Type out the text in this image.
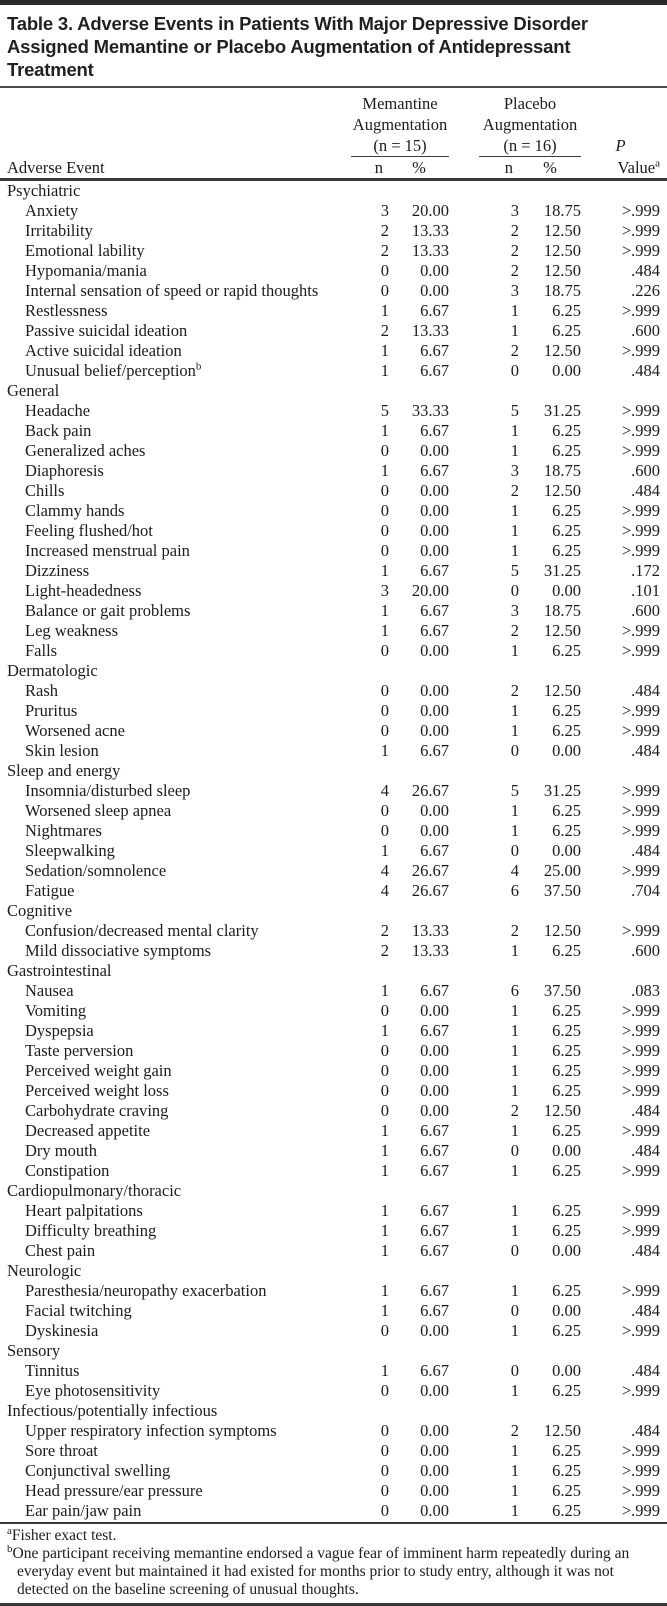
Table 3. Adverse Events in Patients With Major Depressive Disorder Assigned Memantine or Placebo Augmentation of Antidepressant Treatment
Memantine
Augmentation
(n = 15)
Placebo
Augmentation
(n = 16)	P
Adverse Event	n	%	n	%	Value$^a$
Psychiatric
Anxiety	3	20.00	3	18.75	>.999
Irritability	2	13.33	2	12.50	>.999
Emotional lability	2	13.33	2	12.50	>.999
Hypomania/mania	0	0.00	2	12.50	.484
Internal sensation of speed or rapid thoughts	0	0.00	3	18.75	.226
Restlessness	1	6.67	1	6.25	>.999
Passive suicidal ideation	2	13.33	1	6.25	.600
Active suicidal ideation	1	6.67	2	12.50	>.999
Unusual belief/perception$^b$	1	6.67	0	0.00	.484
General
Headache	5	33.33	5	31.25	>.999
Back pain	1	6.67	1	6.25	>.999
Generalized aches	0	0.00	1	6.25	>.999
Diaphoresis	1	6.67	3	18.75	.600
Chills	0	0.00	2	12.50	.484
Clammy hands	0	0.00	1	6.25	>.999
Feeling flushed/hot	0	0.00	1	6.25	>.999
Increased menstrual pain	0	0.00	1	6.25	>.999
Dizziness	1	6.67	5	31.25	.172
Light-headedness	3	20.00	0	0.00	.101
Balance or gait problems	1	6.67	3	18.75	.600
Leg weakness	1	6.67	2	12.50	>.999
Falls	0	0.00	1	6.25	>.999
Dermatologic
Rash	0	0.00	2	12.50	.484
Pruritus	0	0.00	1	6.25	>.999
Worsened acne	0	0.00	1	6.25	>.999
Skin lesion	1	6.67	0	0.00	.484
Sleep and energy
Insomnia/disturbed sleep	4	26.67	5	31.25	>.999
Worsened sleep apnea	0	0.00	1	6.25	>.999
Nightmares	0	0.00	1	6.25	>.999
Sleepwalking	1	6.67	0	0.00	.484
Sedation/somnolence	4	26.67	4	25.00	>.999
Fatigue	4	26.67	6	37.50	.704
Cognitive
Confusion/decreased mental clarity	2	13.33	2	12.50	>.999
Mild dissociative symptoms	2	13.33	1	6.25	.600
Gastrointestinal
Nausea	1	6.67	6	37.50	.083
Vomiting	0	0.00	1	6.25	>.999
Dyspepsia	1	6.67	1	6.25	>.999
Taste perversion	0	0.00	1	6.25	>.999
Perceived weight gain	0	0.00	1	6.25	>.999
Perceived weight loss	0	0.00	1	6.25	>.999
Carbohydrate craving	0	0.00	2	12.50	.484
Decreased appetite	1	6.67	1	6.25	>.999
Dry mouth	1	6.67	0	0.00	.484
Constipation	1	6.67	1	6.25	>.999
Cardiopulmonary/thoracic
Heart palpitations	1	6.67	1	6.25	>.999
Difficulty breathing	1	6.67	1	6.25	>.999
Chest pain	1	6.67	0	0.00	.484
Neurologic
Paresthesia/neuropathy exacerbation	1	6.67	1	6.25	>.999
Facial twitching	1	6.67	0	0.00	.484
Dyskinesia	0	0.00	1	6.25	>.999
Sensory
Tinnitus	1	6.67	0	0.00	.484
Eye photosensitivity	0	0.00	1	6.25	>.999
Infectious/potentially infectious
Upper respiratory infection symptoms	0	0.00	2	12.50	.484
Sore throat	0	0.00	1	6.25	>.999
Conjunctival swelling	0	0.00	1	6.25	>.999
Head pressure/ear pressure	0	0.00	1	6.25	>.999
Ear pain/jaw pain	0	0.00	1	6.25	>.999
$^a$Fisher exact test.
$^b$One participant receiving memantine endorsed a vague fear of imminent harm repeatedly during an everyday event but maintained it had existed for months prior to study entry, although it was not detected on the baseline screening of unusual thoughts.
